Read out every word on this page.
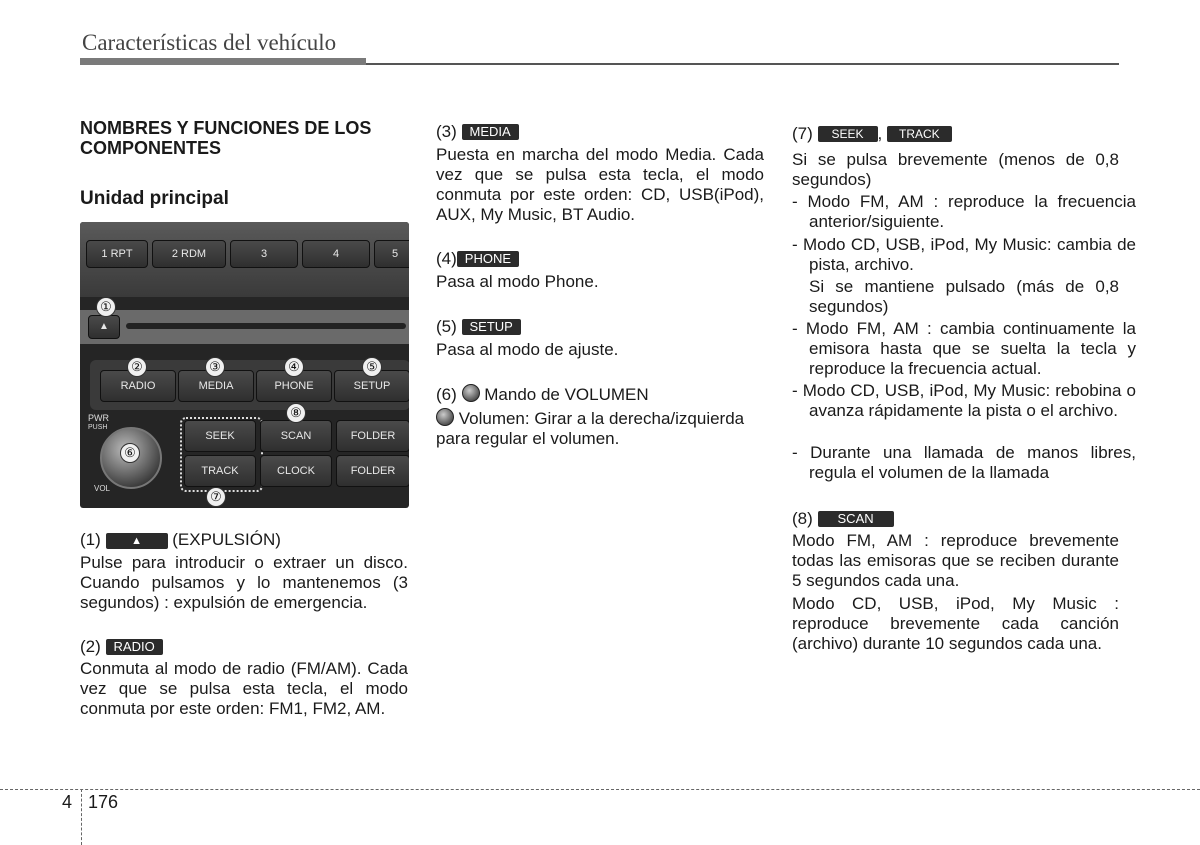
Características del vehículo
NOMBRES Y FUNCIONES DE LOS COMPONENTES
Unidad principal
1 RPT	2 RDM	3	4	5
▲
①
RADIO	MEDIA	PHONE	SETUP
②	③	④	⑤
SEEK
TRACK
SCAN
CLOCK
FOLDER
FOLDER
⑧
⑦
PWR
PUSH
⑥
VOL
(1)	▲ (EXPULSIÓN)
Pulse para introducir o extraer un disco. Cuando pulsamos y lo mantenemos (3 segundos) : expulsión de emergencia.
(2) RADIO
Conmuta al modo de radio (FM/AM). Cada vez que se pulsa esta tecla, el modo conmuta por este orden: FM1, FM2, AM.
(3) MEDIA
Puesta en marcha del modo Media. Cada vez que se pulsa esta tecla, el modo conmuta por este orden: CD, USB(iPod), AUX, My Music, BT Audio.
(4) PHONE
Pasa al modo Phone.
(5) SETUP
Pasa al modo de ajuste.
(6) Mando de VOLUMEN
Volumen: Girar a la derecha/izquierda para regular el volumen.
(7) SEEK , TRACK
Si se pulsa brevemente (menos de 0,8 segundos)
- Modo FM, AM : reproduce la frecuencia anterior/siguiente.
- Modo CD, USB, iPod, My Music: cambia de pista, archivo.
Si se mantiene pulsado (más de 0,8 segundos)
- Modo FM, AM : cambia continuamente la emisora hasta que se suelta la tecla y reproduce la frecuencia actual.
- Modo CD, USB, iPod, My Music: rebobina o avanza rápidamente la pista o el archivo.
- Durante una llamada de manos libres, regula el volumen de la llamada
(8) SCAN
Modo FM, AM : reproduce brevemente todas las emisoras que se reciben durante 5 segundos cada una.
Modo CD, USB, iPod, My Music : reproduce brevemente cada canción (archivo) durante 10 segundos cada una.
4 176
